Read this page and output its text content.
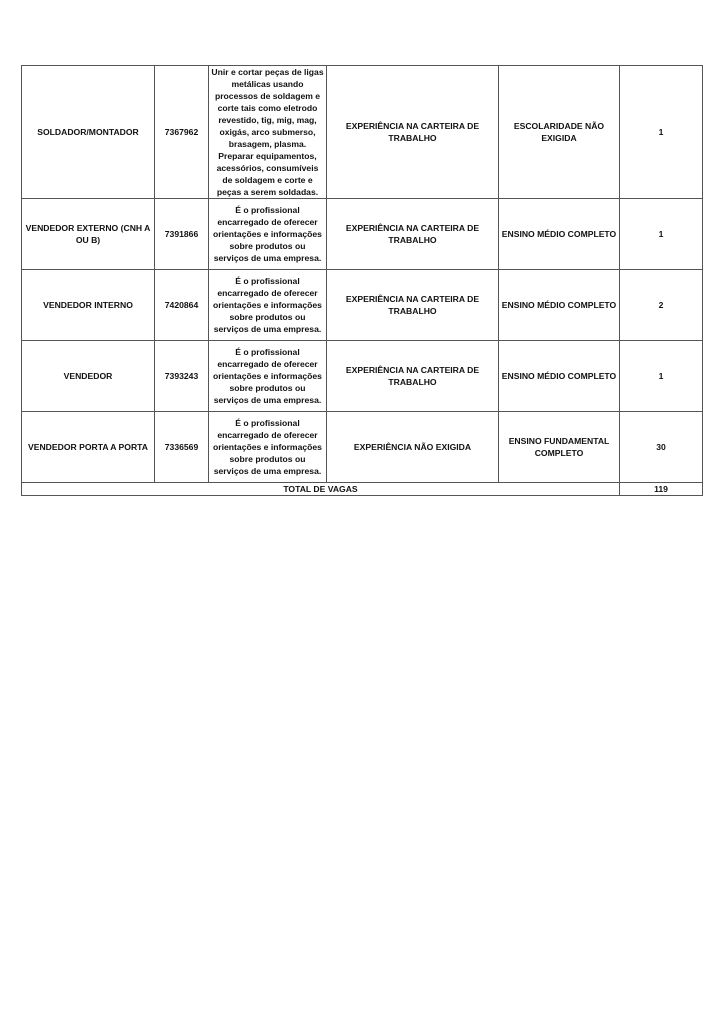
SOLDADOR/MONTADOR	7367962	Unir e cortar peças de ligas metálicas usando processos de soldagem e corte tais como eletrodo revestido, tig, mig, mag, oxigás, arco submerso, brasagem, plasma. Preparar equipamentos, acessórios, consumíveis de soldagem e corte e peças a serem soldadas.	EXPERIÊNCIA NA CARTEIRA DE TRABALHO	ESCOLARIDADE NÃO EXIGIDA	1
VENDEDOR EXTERNO (CNH A OU B)	7391866	É o profissional encarregado de oferecer orientações e informações sobre produtos ou serviços de uma empresa.	EXPERIÊNCIA NA CARTEIRA DE TRABALHO	ENSINO MÉDIO COMPLETO	1
VENDEDOR INTERNO	7420864	É o profissional encarregado de oferecer orientações e informações sobre produtos ou serviços de uma empresa.	EXPERIÊNCIA NA CARTEIRA DE TRABALHO	ENSINO MÉDIO COMPLETO	2
VENDEDOR	7393243	É o profissional encarregado de oferecer orientações e informações sobre produtos ou serviços de uma empresa.	EXPERIÊNCIA NA CARTEIRA DE TRABALHO	ENSINO MÉDIO COMPLETO	1
VENDEDOR PORTA A PORTA	7336569	É o profissional encarregado de oferecer orientações e informações sobre produtos ou serviços de uma empresa.	EXPERIÊNCIA NÃO EXIGIDA	ENSINO FUNDAMENTAL COMPLETO	30
TOTAL DE VAGAS					119
